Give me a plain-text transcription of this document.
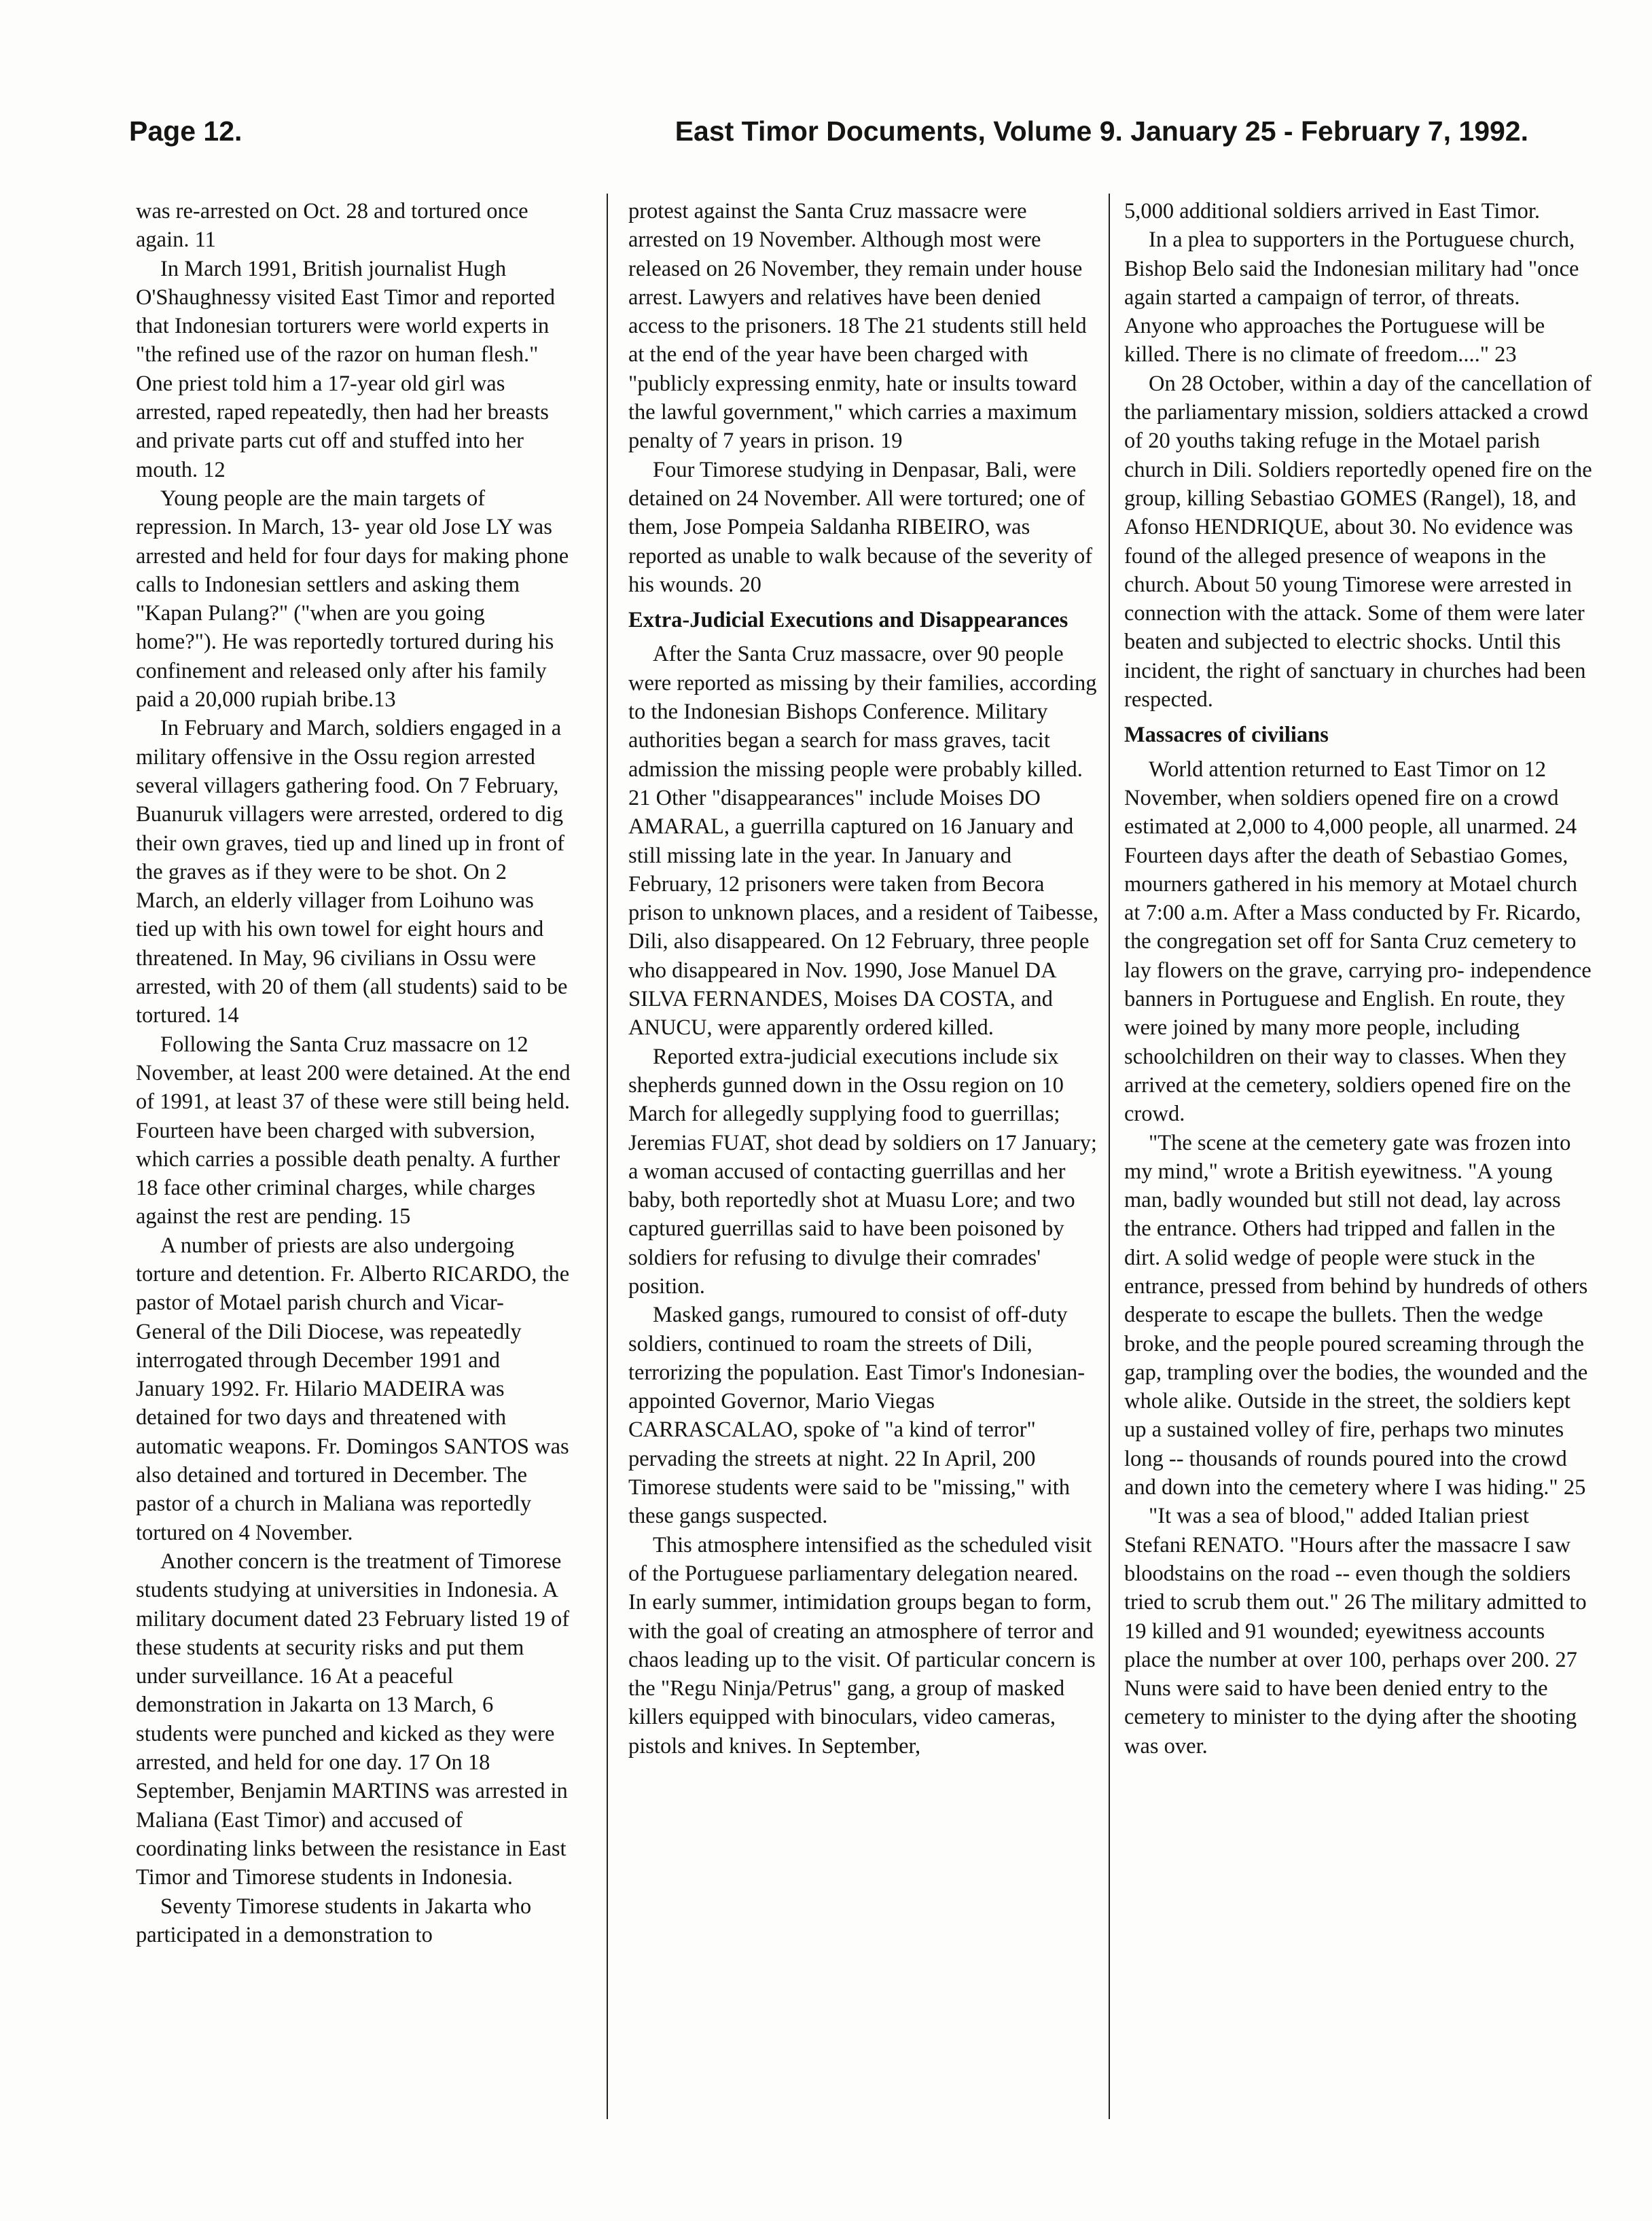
Page 12.	East Timor Documents, Volume 9. January 25 - February 7, 1992.

was re-arrested on Oct. 28 and tortured once again. 11

In March 1991, British journalist Hugh O'Shaughnessy visited East Timor and reported that Indonesian torturers were world experts in "the refined use of the razor on human flesh." One priest told him a 17-year old girl was arrested, raped repeatedly, then had her breasts and private parts cut off and stuffed into her mouth. 12

Young people are the main targets of repression. In March, 13- year old Jose LY was arrested and held for four days for making phone calls to Indonesian settlers and asking them "Kapan Pulang?" ("when are you going home?"). He was reportedly tortured during his confinement and released only after his family paid a 20,000 rupiah bribe.13

In February and March, soldiers engaged in a military offensive in the Ossu region arrested several villagers gathering food. On 7 February, Buanuruk villagers were arrested, ordered to dig their own graves, tied up and lined up in front of the graves as if they were to be shot. On 2 March, an elderly villager from Loihuno was tied up with his own towel for eight hours and threatened. In May, 96 civilians in Ossu were arrested, with 20 of them (all students) said to be tortured. 14

Following the Santa Cruz massacre on 12 November, at least 200 were detained. At the end of 1991, at least 37 of these were still being held. Fourteen have been charged with subversion, which carries a possible death penalty. A further 18 face other criminal charges, while charges against the rest are pending. 15

A number of priests are also undergoing torture and detention. Fr. Alberto RICARDO, the pastor of Motael parish church and Vicar- General of the Dili Diocese, was repeatedly interrogated through December 1991 and January 1992. Fr. Hilario MADEIRA was detained for two days and threatened with automatic weapons. Fr. Domingos SANTOS was also detained and tortured in December. The pastor of a church in Maliana was reportedly tortured on 4 November.

Another concern is the treatment of Timorese students studying at universities in Indonesia. A military document dated 23 February listed 19 of these students at security risks and put them under surveillance. 16 At a peaceful demonstration in Jakarta on 13 March, 6 students were punched and kicked as they were arrested, and held for one day. 17 On 18 September, Benjamin MARTINS was arrested in Maliana (East Timor) and accused of coordinating links between the resistance in East Timor and Timorese students in Indonesia.

Seventy Timorese students in Jakarta who participated in a demonstration to

protest against the Santa Cruz massacre were arrested on 19 November. Although most were released on 26 November, they remain under house arrest. Lawyers and relatives have been denied access to the prisoners. 18 The 21 students still held at the end of the year have been charged with "publicly expressing enmity, hate or insults toward the lawful government," which carries a maximum penalty of 7 years in prison. 19

Four Timorese studying in Denpasar, Bali, were detained on 24 November. All were tortured; one of them, Jose Pompeia Saldanha RIBEIRO, was reported as unable to walk because of the severity of his wounds. 20

Extra-Judicial Executions and Disappearances

After the Santa Cruz massacre, over 90 people were reported as missing by their families, according to the Indonesian Bishops Conference. Military authorities began a search for mass graves, tacit admission the missing people were probably killed. 21 Other "disappearances" include Moises DO AMARAL, a guerrilla captured on 16 January and still missing late in the year. In January and February, 12 prisoners were taken from Becora prison to unknown places, and a resident of Taibesse, Dili, also disappeared. On 12 February, three people who disappeared in Nov. 1990, Jose Manuel DA SILVA FERNANDES, Moises DA COSTA, and ANUCU, were apparently ordered killed.

Reported extra-judicial executions include six shepherds gunned down in the Ossu region on 10 March for allegedly supplying food to guerrillas; Jeremias FUAT, shot dead by soldiers on 17 January; a woman accused of contacting guerrillas and her baby, both reportedly shot at Muasu Lore; and two captured guerrillas said to have been poisoned by soldiers for refusing to divulge their comrades' position.

Masked gangs, rumoured to consist of off-duty soldiers, continued to roam the streets of Dili, terrorizing the population. East Timor's Indonesian-appointed Governor, Mario Viegas CARRASCALAO, spoke of "a kind of terror" pervading the streets at night. 22 In April, 200 Timorese students were said to be "missing," with these gangs suspected.

This atmosphere intensified as the scheduled visit of the Portuguese parliamentary delegation neared. In early summer, intimidation groups began to form, with the goal of creating an atmosphere of terror and chaos leading up to the visit. Of particular concern is the "Regu Ninja/Petrus" gang, a group of masked killers equipped with binoculars, video cameras, pistols and knives. In September,

5,000 additional soldiers arrived in East Timor.

In a plea to supporters in the Portuguese church, Bishop Belo said the Indonesian military had "once again started a campaign of terror, of threats. Anyone who approaches the Portuguese will be killed. There is no climate of freedom...." 23

On 28 October, within a day of the cancellation of the parliamentary mission, soldiers attacked a crowd of 20 youths taking refuge in the Motael parish church in Dili. Soldiers reportedly opened fire on the group, killing Sebastiao GOMES (Rangel), 18, and Afonso HENDRIQUE, about 30. No evidence was found of the alleged presence of weapons in the church. About 50 young Timorese were arrested in connection with the attack. Some of them were later beaten and subjected to electric shocks. Until this incident, the right of sanctuary in churches had been respected.

Massacres of civilians

World attention returned to East Timor on 12 November, when soldiers opened fire on a crowd estimated at 2,000 to 4,000 people, all unarmed. 24 Fourteen days after the death of Sebastiao Gomes, mourners gathered in his memory at Motael church at 7:00 a.m. After a Mass conducted by Fr. Ricardo, the congregation set off for Santa Cruz cemetery to lay flowers on the grave, carrying pro- independence banners in Portuguese and English. En route, they were joined by many more people, including schoolchildren on their way to classes. When they arrived at the cemetery, soldiers opened fire on the crowd.

"The scene at the cemetery gate was frozen into my mind," wrote a British eyewitness. "A young man, badly wounded but still not dead, lay across the entrance. Others had tripped and fallen in the dirt. A solid wedge of people were stuck in the entrance, pressed from behind by hundreds of others desperate to escape the bullets. Then the wedge broke, and the people poured screaming through the gap, trampling over the bodies, the wounded and the whole alike. Outside in the street, the soldiers kept up a sustained volley of fire, perhaps two minutes long -- thousands of rounds poured into the crowd and down into the cemetery where I was hiding." 25

"It was a sea of blood," added Italian priest Stefani RENATO. "Hours after the massacre I saw bloodstains on the road -- even though the soldiers tried to scrub them out." 26 The military admitted to 19 killed and 91 wounded; eyewitness accounts place the number at over 100, perhaps over 200. 27 Nuns were said to have been denied entry to the cemetery to minister to the dying after the shooting was over.
